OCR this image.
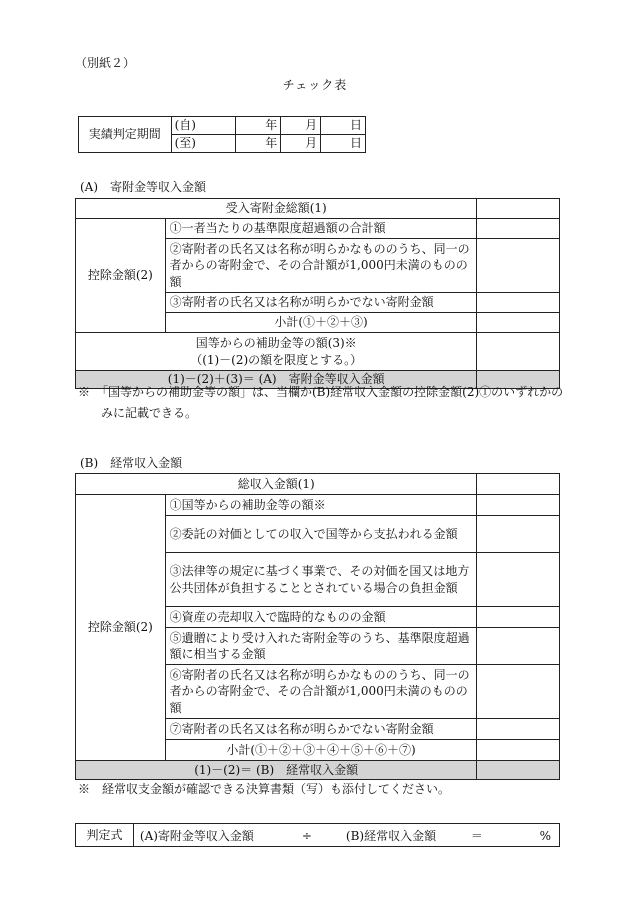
（別紙２）
チェック表
実績判定期間	(自)	年	月	日
	(至)	年	月	日
(A)　寄附金等収入金額
受入寄附金総額(1)		
控除金額(2)	①一者当たりの基準限度超過額の合計額	
	②寄附者の氏名又は名称が明らかなもののうち、同一の者からの寄附金で、その合計額が1,000円未満のものの額	
	③寄附者の氏名又は名称が明らかでない寄附金額	
	小計(①＋②＋③)	

国等からの補助金等の額(3)※
（(1)－(2)の額を限度とする。）		

(1)－(2)＋(3)＝ (A)　寄附金等収入金額		
※　「国等からの補助金等の額」は、当欄か(B)経常収入金額の控除金額(2)①のいずれかのみに記載できる。
(B)　経常収入金額
総収入金額(1)		
控除金額(2)	①国等からの補助金等の額※	
	②委託の対価としての収入で国等から支払われる金額	
	③法律等の規定に基づく事業で、その対価を国又は地方公共団体が負担することとされている場合の負担金額	
	④資産の売却収入で臨時的なものの金額	
	⑤遺贈により受け入れた寄附金等のうち、基準限度超過額に相当する金額	
	⑥寄附者の氏名又は名称が明らかなもののうち、同一の者からの寄附金で、その合計額が1,000円未満のものの額	
	⑦寄附者の氏名又は名称が明らかでない寄附金額	
	小計(①＋②＋③＋④＋⑤＋⑥＋⑦)	
(1)－(2)＝ (B)　経常収入金額		
※　経常収支金額が確認できる決算書類（写）も添付してください。
判定式	(A)寄附金等収入金額	÷	(B)経常収入金額	＝	%
